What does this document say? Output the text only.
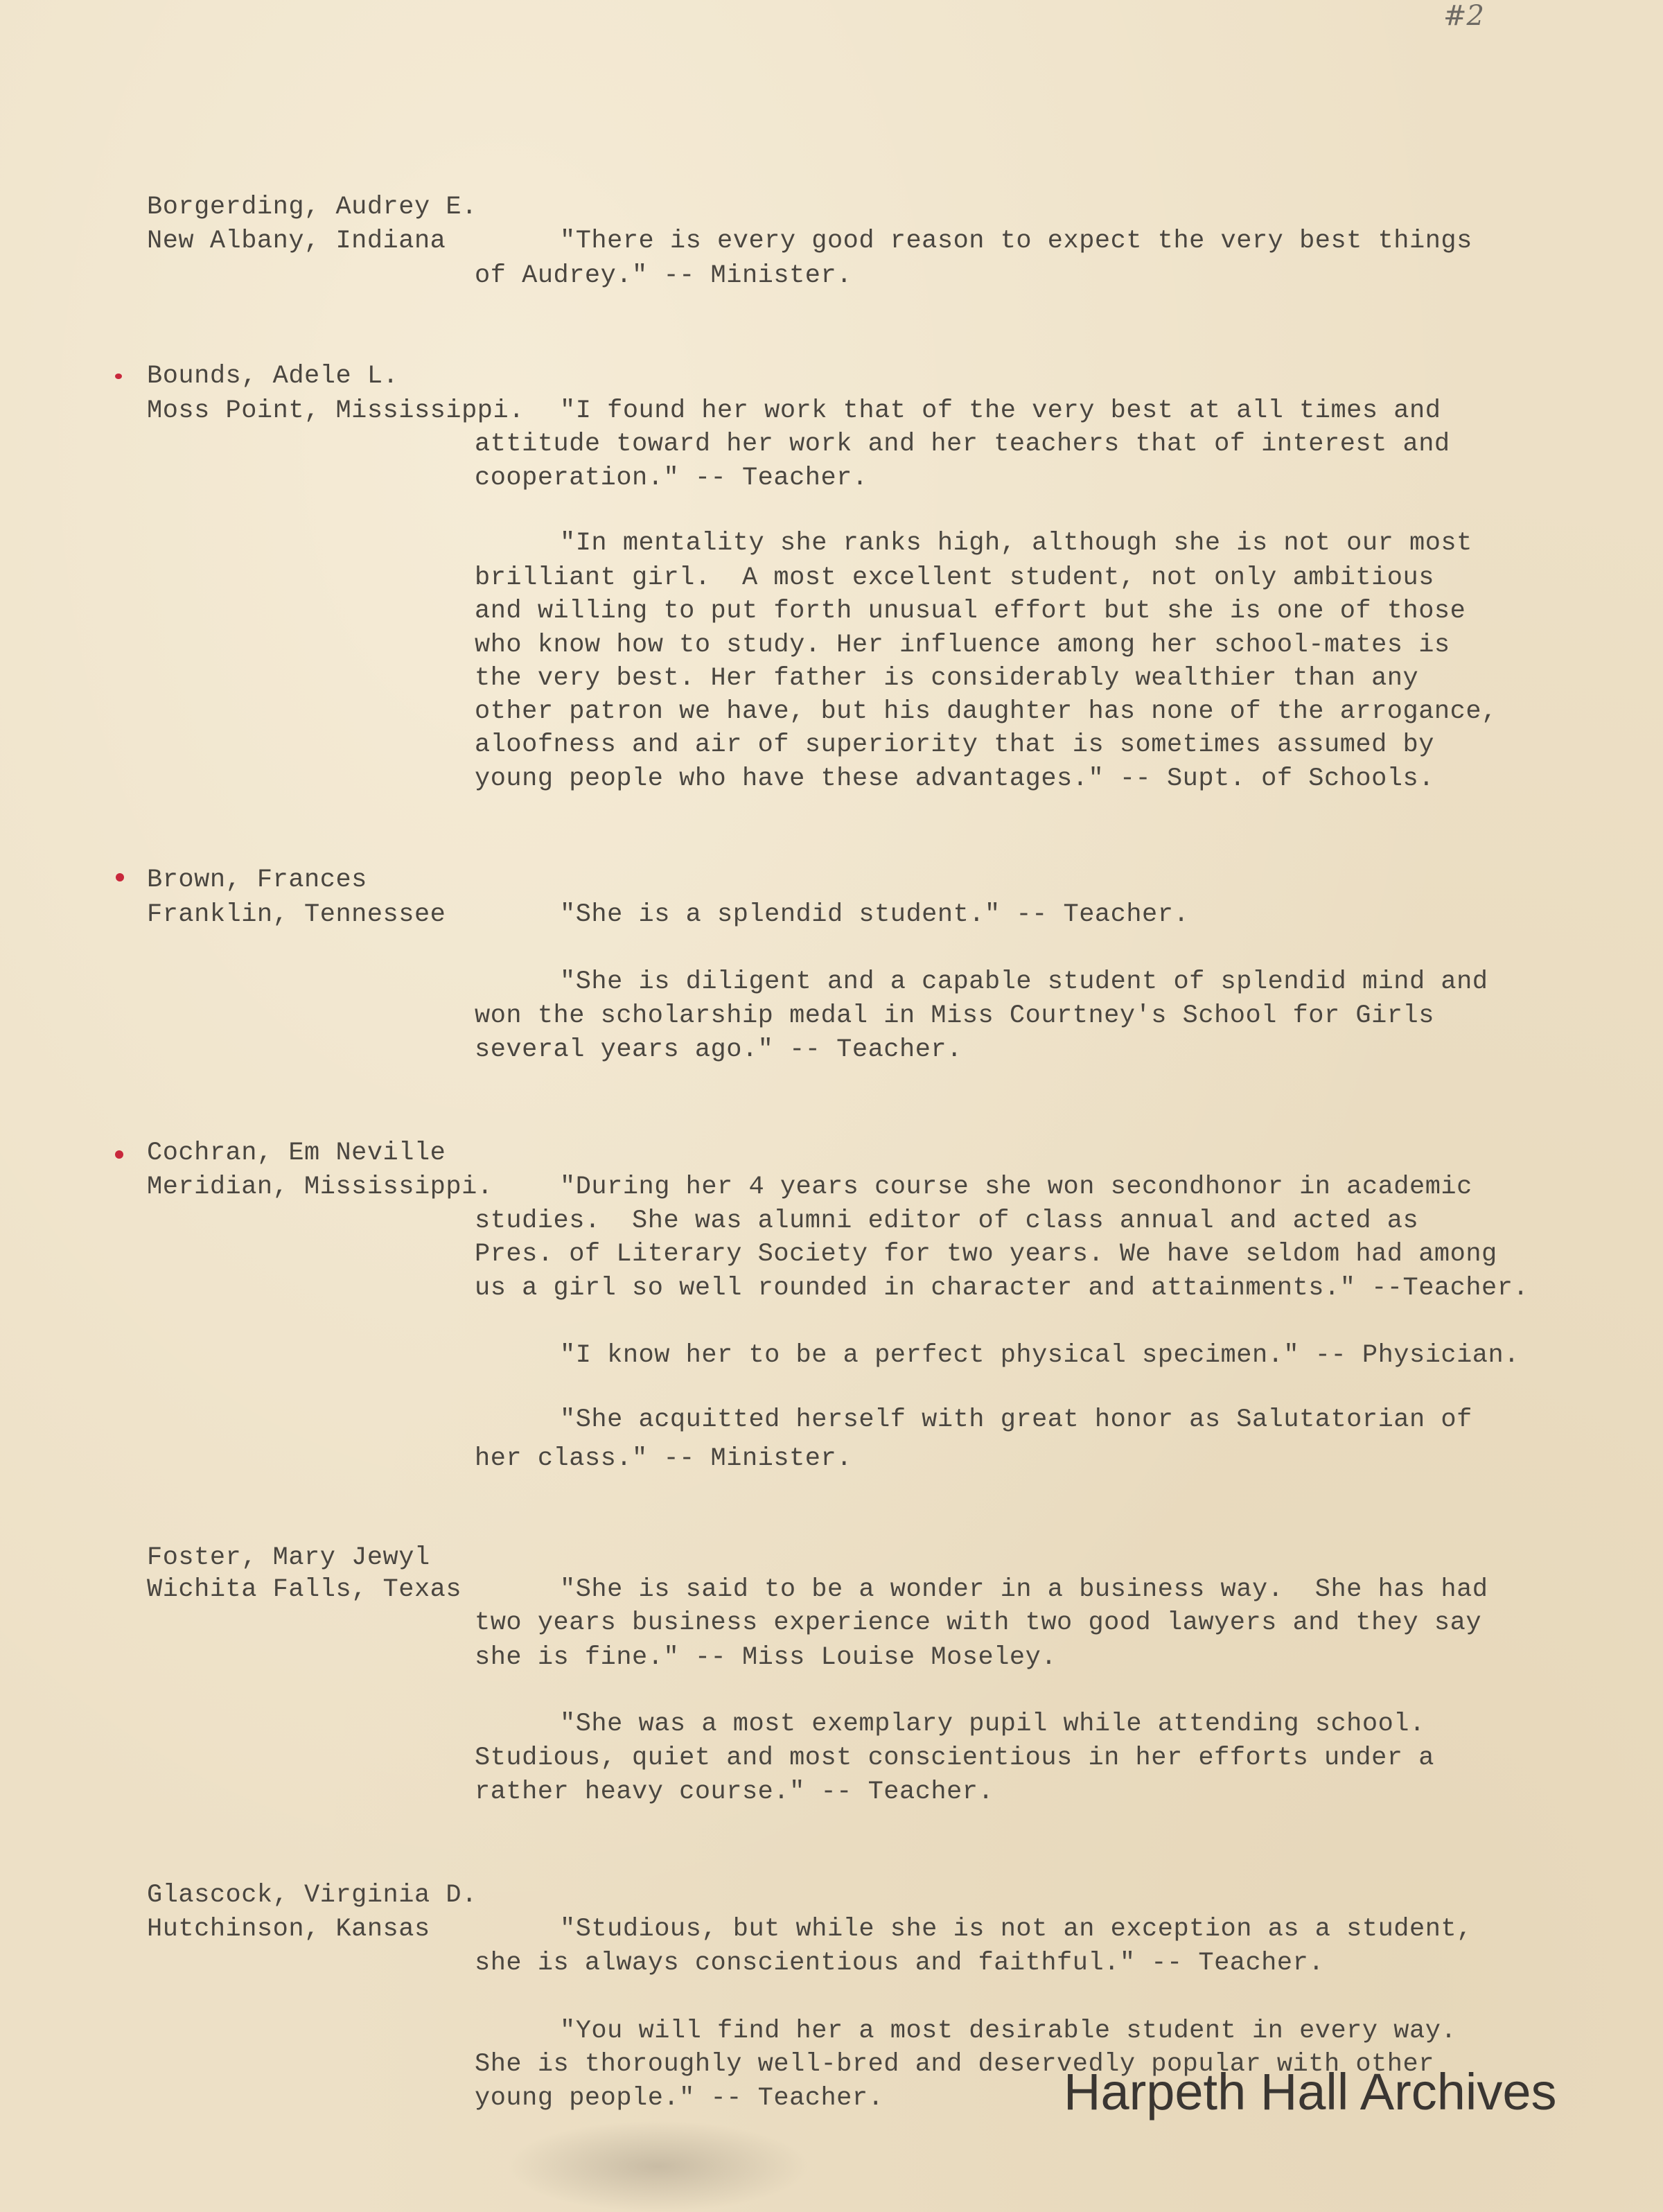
#2
Borgerding, Audrey E.
New Albany, Indiana	"There is every good reason to expect the very best things
of Audrey." -- Minister.
Bounds, Adele L.
Moss Point, Mississippi. "I found her work that of the very best at all times and
attitude toward her work and her teachers that of interest and
cooperation." -- Teacher.
"In mentality she ranks high, although she is not our most
brilliant girl.  A most excellent student, not only ambitious
and willing to put forth unusual effort but she is one of those
who know how to study. Her influence among her school-mates is
the very best. Her father is considerably wealthier than any
other patron we have, but his daughter has none of the arrogance,
aloofness and air of superiority that is sometimes assumed by
young people who have these advantages." -- Supt. of Schools.
Brown, Frances
Franklin, Tennessee	"She is a splendid student." -- Teacher.
"She is diligent and a capable student of splendid mind and
won the scholarship medal in Miss Courtney's School for Girls
several years ago." -- Teacher.
Cochran, Em Neville
Meridian, Mississippi.	"During her 4 years course she won secondhonor in academic
studies.  She was alumni editor of class annual and acted as
Pres. of Literary Society for two years. We have seldom had among
us a girl so well rounded in character and attainments." --Teacher.
"I know her to be a perfect physical specimen." -- Physician.
"She acquitted herself with great honor as Salutatorian of
her class." -- Minister.
Foster, Mary Jewyl
Wichita Falls, Texas	"She is said to be a wonder in a business way.  She has had
two years business experience with two good lawyers and they say
she is fine." -- Miss Louise Moseley.
"She was a most exemplary pupil while attending school.
Studious, quiet and most conscientious in her efforts under a
rather heavy course." -- Teacher.
Glascock, Virginia D.
Hutchinson, Kansas	"Studious, but while she is not an exception as a student,
she is always conscientious and faithful." -- Teacher.
"You will find her a most desirable student in every way.
She is thoroughly well-bred and deservedly popular with other
young people." -- Teacher.	Harpeth Hall Archives
